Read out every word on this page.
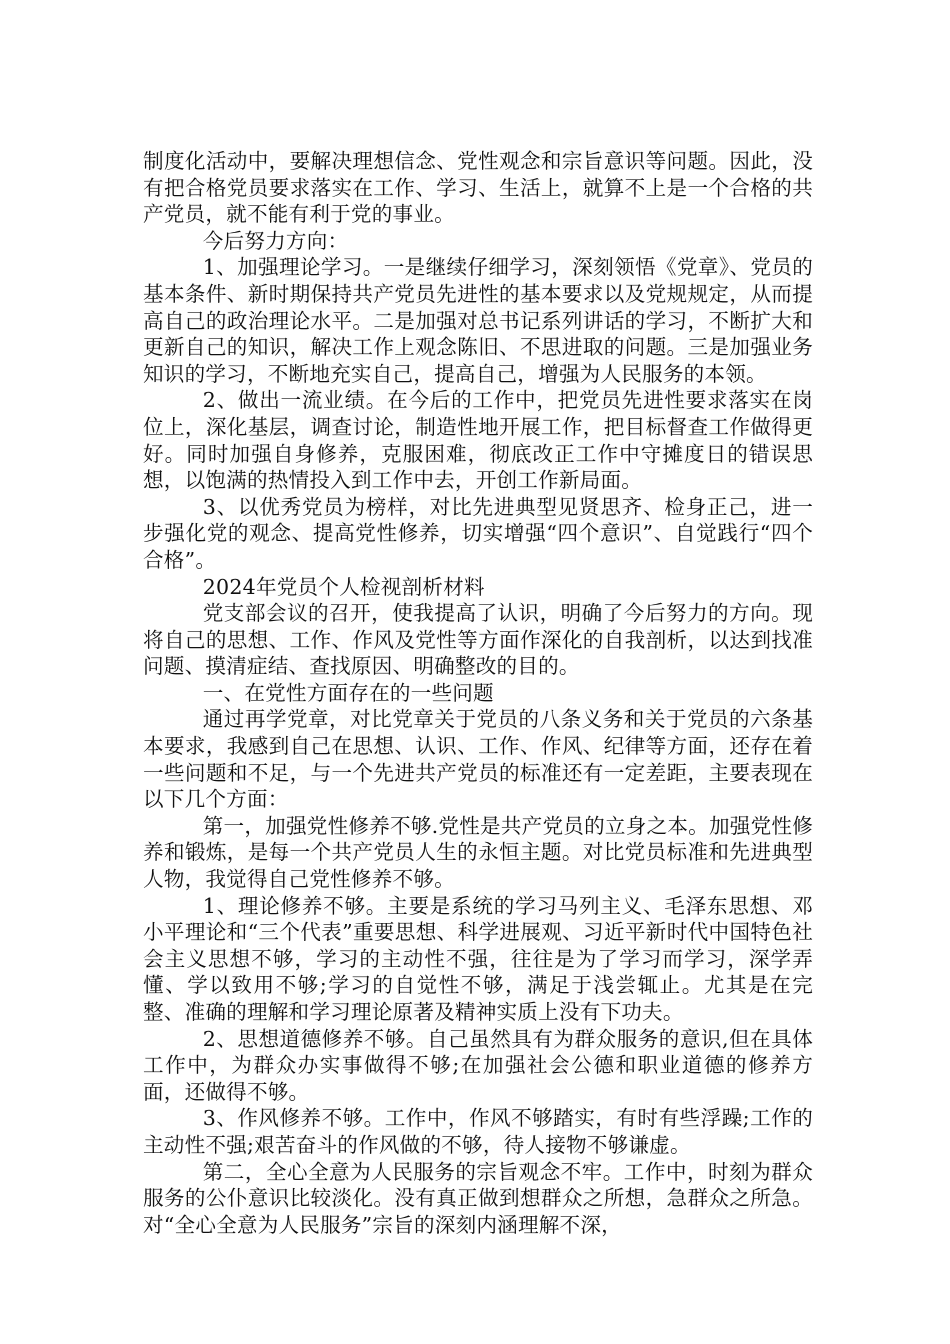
制度化活动中，要解决理想信念、党性观念和宗旨意识等问题。因此，没有把合格党员要求落实在工作、学习、生活上，就算不上是一个合格的共产党员，就不能有利于党的事业。

今后努力方向：

1、加强理论学习。一是继续仔细学习，深刻领悟《党章》、党员的基本条件、新时期保持共产党员先进性的基本要求以及党规规定，从而提高自己的政治理论水平。二是加强对总书记系列讲话的学习，不断扩大和更新自己的知识，解决工作上观念陈旧、不思进取的问题。三是加强业务知识的学习，不断地充实自己，提高自己，增强为人民服务的本领。

2、做出一流业绩。在今后的工作中，把党员先进性要求落实在岗位上，深化基层，调查讨论，制造性地开展工作，把目标督查工作做得更好。同时加强自身修养，克服困难，彻底改正工作中守摊度日的错误思想，以饱满的热情投入到工作中去，开创工作新局面。

3、以优秀党员为榜样，对比先进典型见贤思齐、检身正己，进一步强化党的观念、提高党性修养，切实增强“四个意识”、自觉践行“四个合格”。

2024年党员个人检视剖析材料

党支部会议的召开，使我提高了认识，明确了今后努力的方向。现将自己的思想、工作、作风及党性等方面作深化的自我剖析，以达到找准问题、摸清症结、查找原因、明确整改的目的。

一、在党性方面存在的一些问题

通过再学党章，对比党章关于党员的八条义务和关于党员的六条基本要求，我感到自己在思想、认识、工作、作风、纪律等方面，还存在着一些问题和不足，与一个先进共产党员的标准还有一定差距，主要表现在以下几个方面：

第一，加强党性修养不够.党性是共产党员的立身之本。加强党性修养和锻炼，是每一个共产党员人生的永恒主题。对比党员标准和先进典型人物，我觉得自己党性修养不够。

1、理论修养不够。主要是系统的学习马列主义、毛泽东思想、邓小平理论和“三个代表”重要思想、科学进展观、习近平新时代中国特色社会主义思想不够，学习的主动性不强，往往是为了学习而学习，深学弄懂、学以致用不够;学习的自觉性不够，满足于浅尝辄止。尤其是在完整、准确的理解和学习理论原著及精神实质上没有下功夫。

2、思想道德修养不够。自己虽然具有为群众服务的意识,但在具体工作中，为群众办实事做得不够;在加强社会公德和职业道德的修养方面，还做得不够。

3、作风修养不够。工作中，作风不够踏实，有时有些浮躁;工作的主动性不强;艰苦奋斗的作风做的不够，待人接物不够谦虚。

第二，全心全意为人民服务的宗旨观念不牢。工作中，时刻为群众服务的公仆意识比较淡化。没有真正做到想群众之所想，急群众之所急。对“全心全意为人民服务”宗旨的深刻内涵理解不深，
